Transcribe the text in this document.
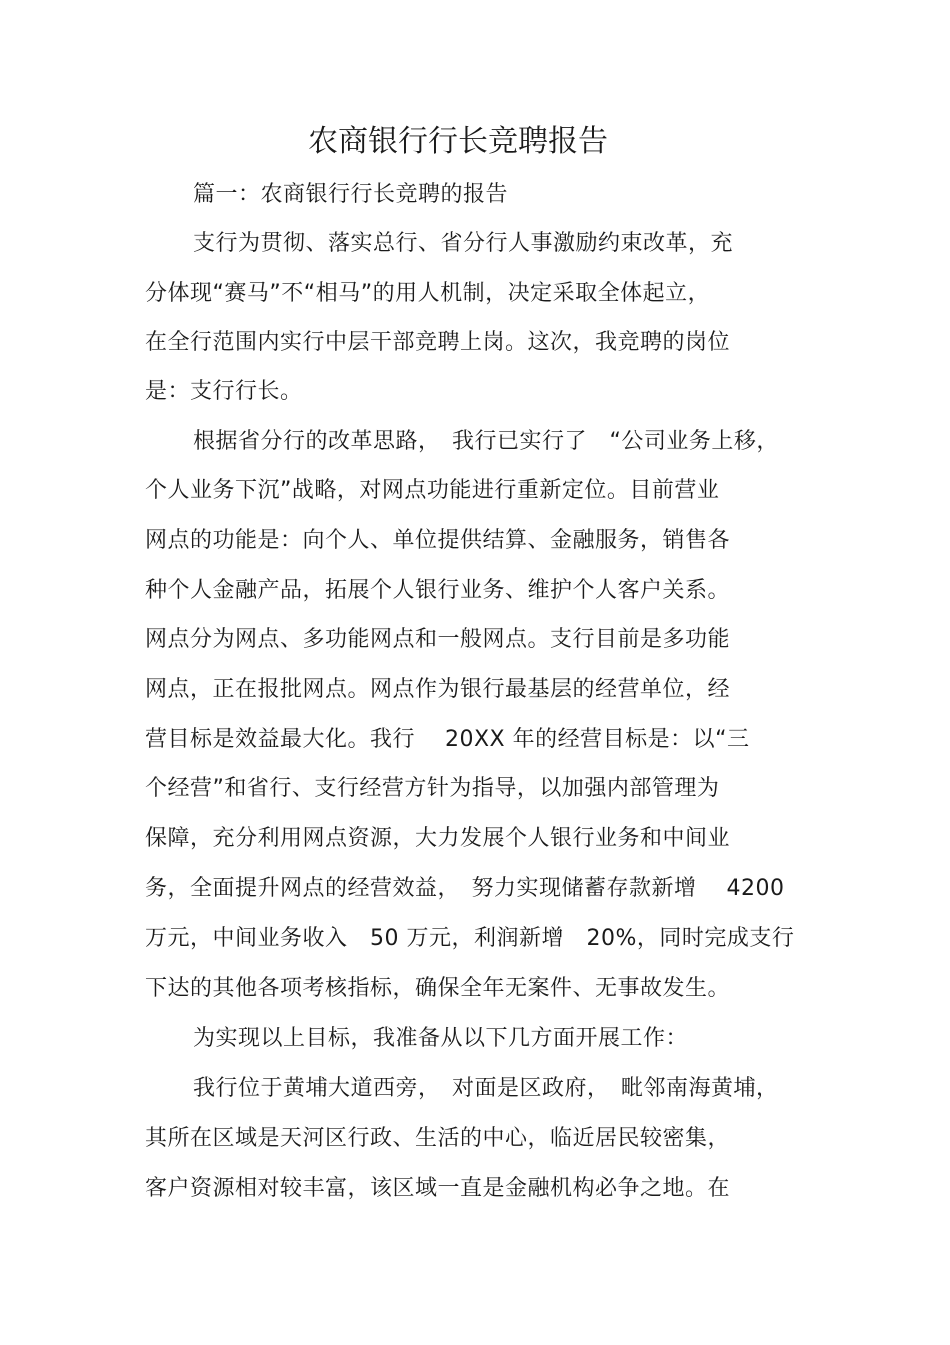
农商银行行长竞聘报告
篇一：农商银行行长竞聘的报告
支行为贯彻、落实总行、省分行人事激励约束改革，充
分体现“赛马”不“相马”的用人机制，决定采取全体起立，
在全行范围内实行中层干部竞聘上岗。这次，我竞聘的岗位
是：支行行长。
根据省分行的改革思路，　我行已实行了　“公司业务上移，
个人业务下沉”战略，对网点功能进行重新定位。目前营业
网点的功能是：向个人、单位提供结算、金融服务，销售各
种个人金融产品，拓展个人银行业务、维护个人客户关系。
网点分为网点、多功能网点和一般网点。支行目前是多功能
网点，正在报批网点。网点作为银行最基层的经营单位，经
营目标是效益最大化。我行　 20XX 年的经营目标是：以“三
个经营”和省行、支行经营方针为指导，以加强内部管理为
保障，充分利用网点资源，大力发展个人银行业务和中间业
务，全面提升网点的经营效益，　努力实现储蓄存款新增　 4200
万元，中间业务收入　50 万元，利润新增　20%，同时完成支行
下达的其他各项考核指标，确保全年无案件、无事故发生。
为实现以上目标，我准备从以下几方面开展工作：
我行位于黄埔大道西旁，　对面是区政府，　毗邻南海黄埔，
其所在区域是天河区行政、生活的中心，临近居民较密集，
客户资源相对较丰富，该区域一直是金融机构必争之地。在
